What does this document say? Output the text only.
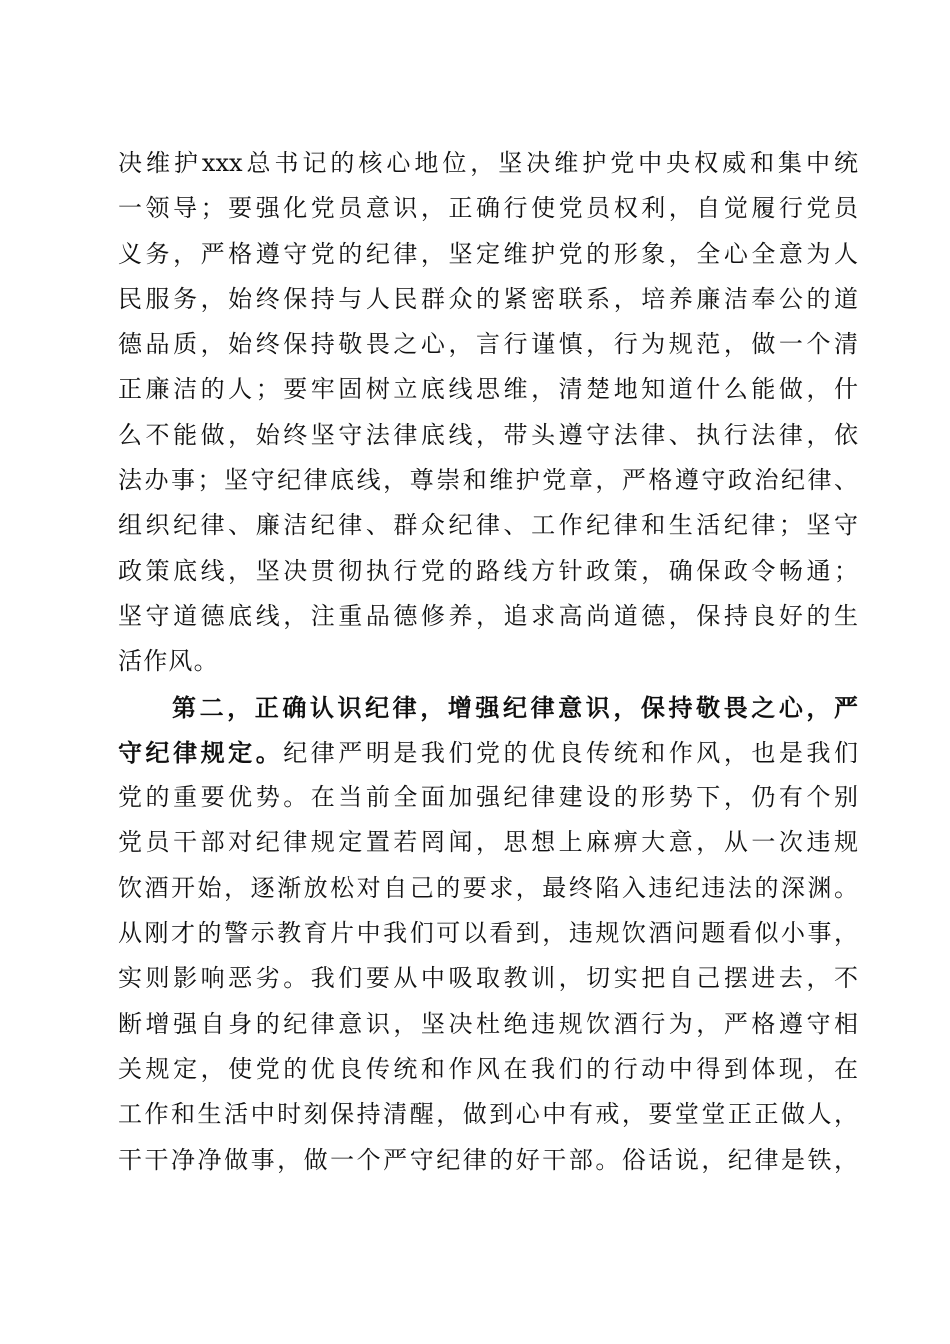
决维护xxx总书记的核心地位，坚决维护党中央权威和集中统
一领导；要强化党员意识，正确行使党员权利，自觉履行党员
义务，严格遵守党的纪律，坚定维护党的形象，全心全意为人
民服务，始终保持与人民群众的紧密联系，培养廉洁奉公的道
德品质，始终保持敬畏之心，言行谨慎，行为规范，做一个清
正廉洁的人；要牢固树立底线思维，清楚地知道什么能做，什
么不能做，始终坚守法律底线，带头遵守法律、执行法律，依
法办事；坚守纪律底线，尊崇和维护党章，严格遵守政治纪律、
组织纪律、廉洁纪律、群众纪律、工作纪律和生活纪律；坚守
政策底线，坚决贯彻执行党的路线方针政策，确保政令畅通；
坚守道德底线，注重品德修养，追求高尚道德，保持良好的生
活作风。
第二，正确认识纪律，增强纪律意识，保持敬畏之心，严
守纪律规定。纪律严明是我们党的优良传统和作风，也是我们
党的重要优势。在当前全面加强纪律建设的形势下，仍有个别
党员干部对纪律规定置若罔闻，思想上麻痹大意，从一次违规
饮酒开始，逐渐放松对自己的要求，最终陷入违纪违法的深渊。
从刚才的警示教育片中我们可以看到，违规饮酒问题看似小事，
实则影响恶劣。我们要从中吸取教训，切实把自己摆进去，不
断增强自身的纪律意识，坚决杜绝违规饮酒行为，严格遵守相
关规定，使党的优良传统和作风在我们的行动中得到体现，在
工作和生活中时刻保持清醒，做到心中有戒，要堂堂正正做人，
干干净净做事，做一个严守纪律的好干部。俗话说，纪律是铁，
